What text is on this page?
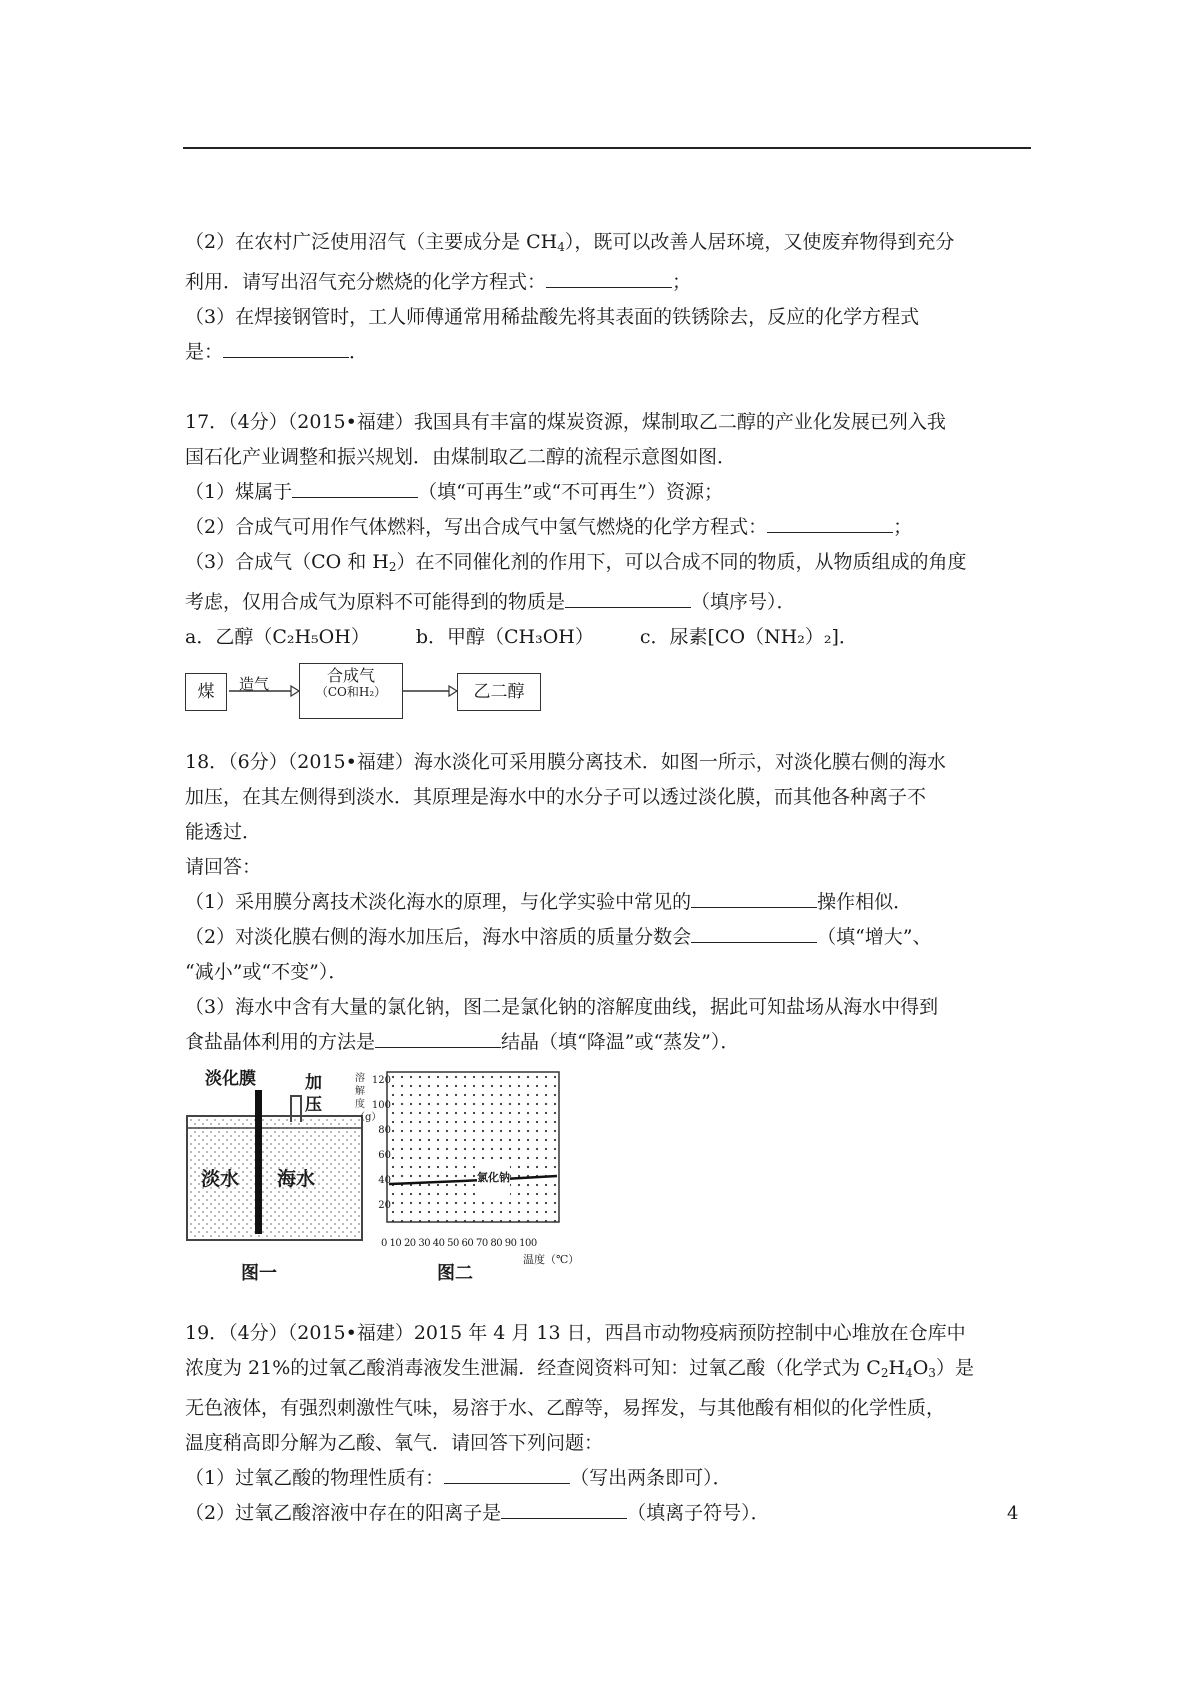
（2）在农村广泛使用沼气（主要成分是 $CH_4$），既可以改善人居环境，又使废弃物得到充分

利用．请写出沼气充分燃烧的化学方程式：	；

（3）在焊接钢管时，工人师傅通常用稀盐酸先将其表面的铁锈除去，反应的化学方程式

是：	．

17．（4分）（2015•福建）我国具有丰富的煤炭资源，煤制取乙二醇的产业化发展已列入我

国石化产业调整和振兴规划．由煤制取乙二醇的流程示意图如图．

（1）煤属于	（填“可再生”或“不可再生”）资源；

（2）合成气可用作气体燃料，写出合成气中氢气燃烧的化学方程式：	；

（3）合成气（CO 和 $H_2$）在不同催化剂的作用下，可以合成不同的物质，从物质组成的角度

考虑，仅用合成气为原料不可能得到的物质是	（填序号）．

a．乙醇（C₂H₅OH） b．甲醇（CH₃OH） c．尿素[CO（NH₂）₂]．

煤	造气	合成气
（CO和H₂）	乙二醇

18．（6分）（2015•福建）海水淡化可采用膜分离技术．如图一所示，对淡化膜右侧的海水

加压，在其左侧得到淡水．其原理是海水中的水分子可以透过淡化膜，而其他各种离子不

能透过．

请回答：

（1）采用膜分离技术淡化海水的原理，与化学实验中常见的	操作相似．

（2）对淡化膜右侧的海水加压后，海水中溶质的质量分数会	（填“增大”、

“减小”或“不变”）．

（3）海水中含有大量的氯化钠，图二是氯化钠的溶解度曲线，据此可知盐场从海水中得到

食盐晶体利用的方法是	结晶（填“降温”或“蒸发”）．

淡化膜	加
压
淡水 海水
图一
溶
解
度
（g）
120
100
80
60
40
20
氯化钠
0 10 20 30 40 50 60 70 80 90 100
温度（℃）
图二

19．（4分）（2015•福建）2015 年 4 月 13 日，西昌市动物疫病预防控制中心堆放在仓库中

浓度为 21%的过氧乙酸消毒液发生泄漏．经查阅资料可知：过氧乙酸（化学式为 $C_2H_4O_3$）是

无色液体，有强烈刺激性气味，易溶于水、乙醇等，易挥发，与其他酸有相似的化学性质，

温度稍高即分解为乙酸、氧气．请回答下列问题：

（1）过氧乙酸的物理性质有：	（写出两条即可）．

（2）过氧乙酸溶液中存在的阳离子是	（填离子符号）．	4
